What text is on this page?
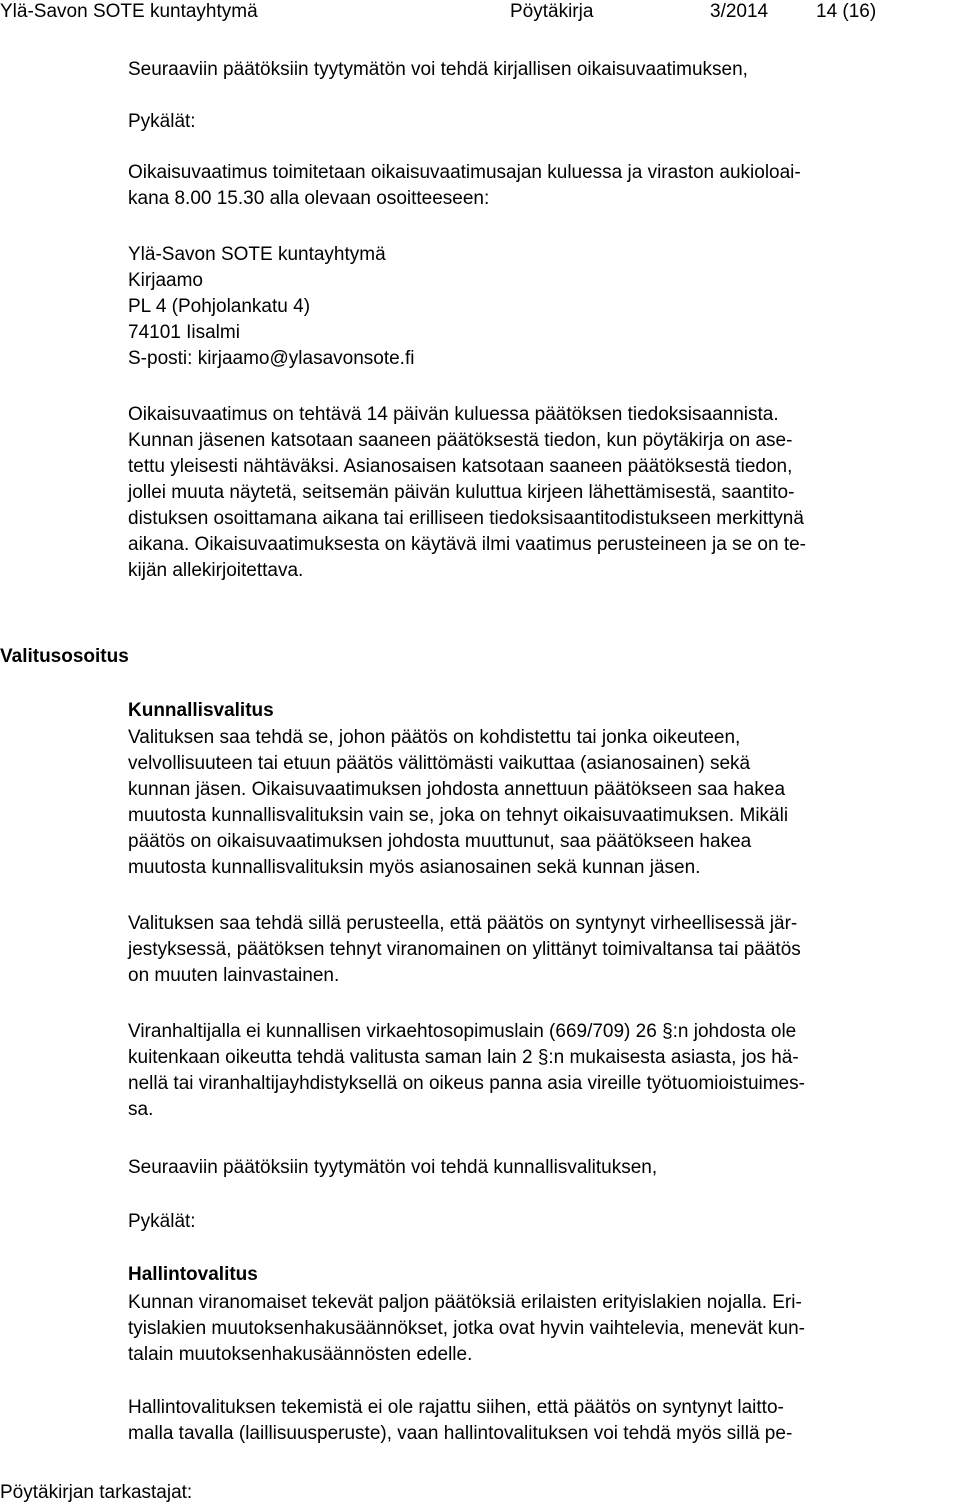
Ylä-Savon SOTE kuntayhtymä	Pöytäkirja	3/2014	14 (16)
Seuraaviin päätöksiin tyytymätön voi tehdä kirjallisen oikaisuvaatimuksen,
Pykälät:
Oikaisuvaatimus toimitetaan oikaisuvaatimusajan kuluessa ja viraston aukioloai-
kana 8.00 15.30 alla olevaan osoitteeseen:
Ylä-Savon SOTE kuntayhtymä
Kirjaamo
PL 4 (Pohjolankatu 4)
74101 Iisalmi
S-posti: kirjaamo@ylasavonsote.fi
Oikaisuvaatimus on tehtävä 14 päivän kuluessa päätöksen tiedoksisaannista.
Kunnan jäsenen katsotaan saaneen päätöksestä tiedon, kun pöytäkirja on ase-
tettu yleisesti nähtäväksi. Asianosaisen katsotaan saaneen päätöksestä tiedon,
jollei muuta näytetä, seitsemän päivän kuluttua kirjeen lähettämisestä, saantito-
distuksen osoittamana aikana tai erilliseen tiedoksisaantitodistukseen merkittynä
aikana. Oikaisuvaatimuksesta on käytävä ilmi vaatimus perusteineen ja se on te-
kijän allekirjoitettava.
Valitusosoitus
Kunnallisvalitus
Valituksen saa tehdä se, johon päätös on kohdistettu tai jonka oikeuteen,
velvollisuuteen tai etuun päätös välittömästi vaikuttaa (asianosainen) sekä
kunnan jäsen. Oikaisuvaatimuksen johdosta annettuun päätökseen saa hakea
muutosta kunnallisvalituksin vain se, joka on tehnyt oikaisuvaatimuksen. Mikäli
päätös on oikaisuvaatimuksen johdosta muuttunut, saa päätökseen hakea
muutosta kunnallisvalituksin myös asianosainen sekä kunnan jäsen.
Valituksen saa tehdä sillä perusteella, että päätös on syntynyt virheellisessä jär-
jestyksessä, päätöksen tehnyt viranomainen on ylittänyt toimivaltansa tai päätös
on muuten lainvastainen.
Viranhaltijalla ei kunnallisen virkaehtosopimuslain (669/709) 26 §:n johdosta ole
kuitenkaan oikeutta tehdä valitusta saman lain 2 §:n mukaisesta asiasta, jos hä-
nellä tai viranhaltijayhdistyksellä on oikeus panna asia vireille työtuomioistuimes-
sa.
Seuraaviin päätöksiin tyytymätön voi tehdä kunnallisvalituksen,
Pykälät:
Hallintovalitus
Kunnan viranomaiset tekevät paljon päätöksiä erilaisten erityislakien nojalla. Eri-
tyislakien muutoksenhakusäännökset, jotka ovat hyvin vaihtelevia, menevät kun-
talain muutoksenhakusäännösten edelle.
Hallintovalituksen tekemistä ei ole rajattu siihen, että päätös on syntynyt laitto-
malla tavalla (laillisuusperuste), vaan hallintovalituksen voi tehdä myös sillä pe-
Pöytäkirjan tarkastajat:
